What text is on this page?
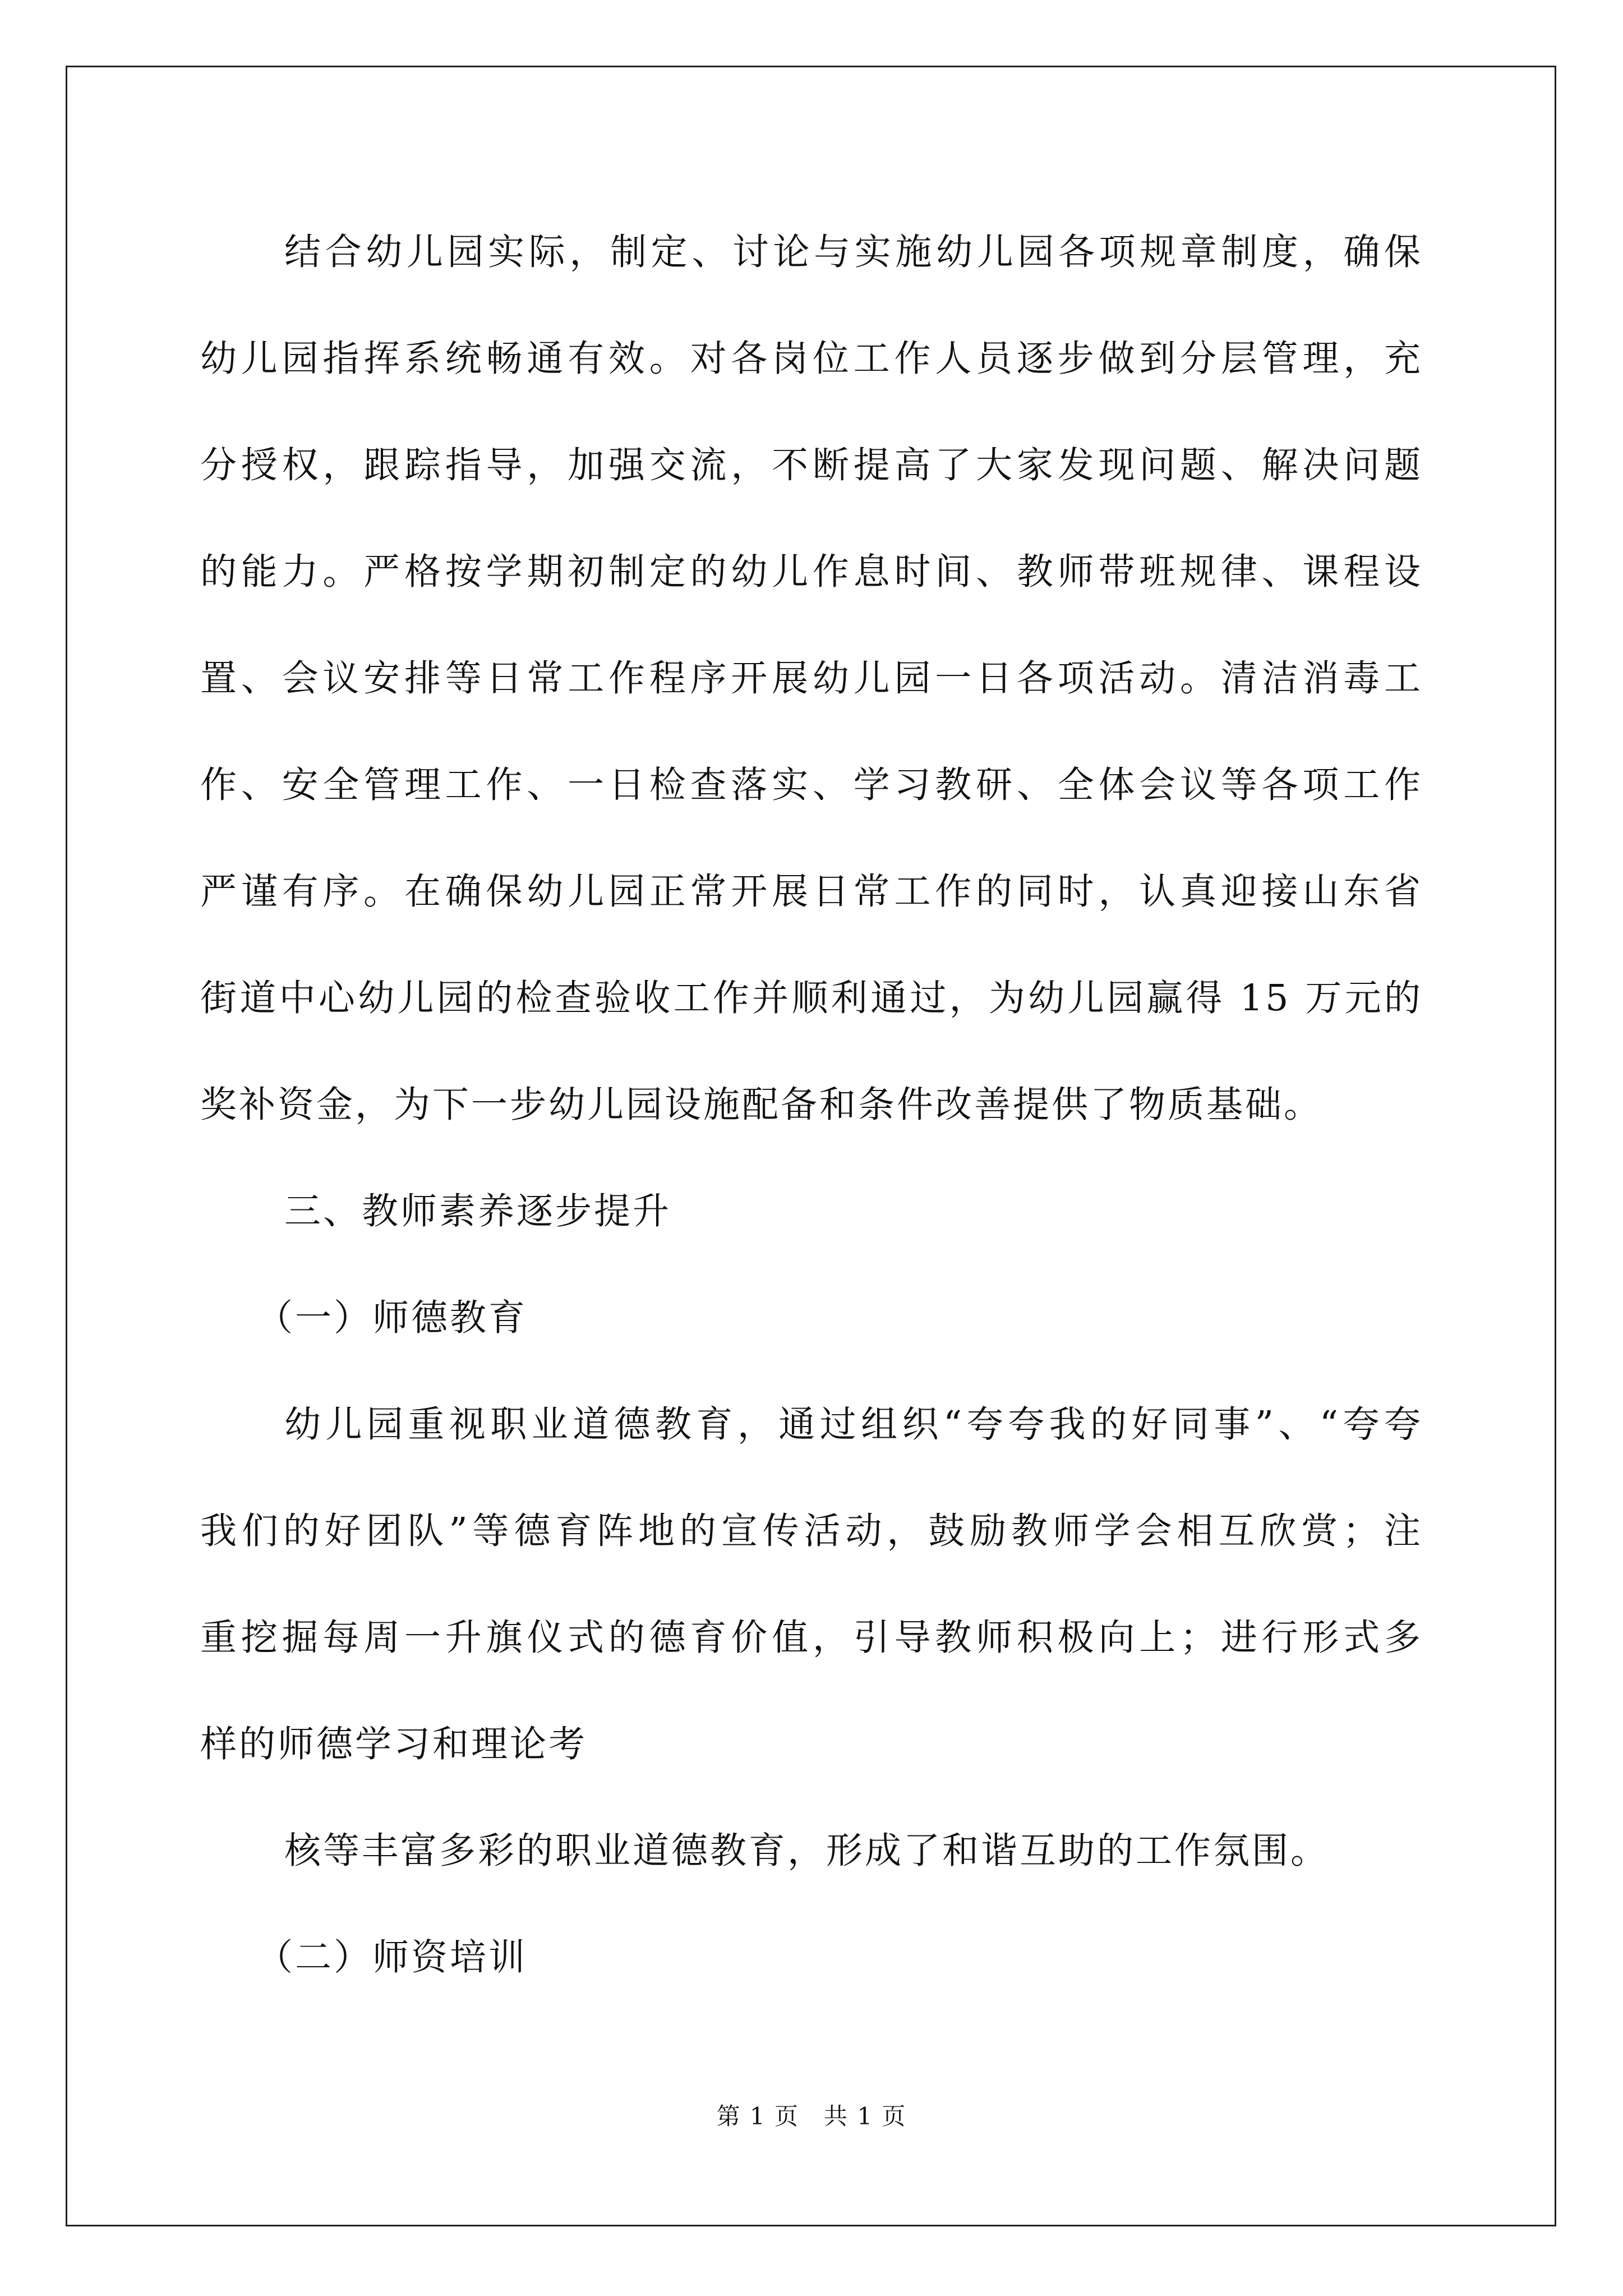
结合幼儿园实际，制定、讨论与实施幼儿园各项规章制度，确保
幼儿园指挥系统畅通有效。对各岗位工作人员逐步做到分层管理，充
分授权，跟踪指导，加强交流，不断提高了大家发现问题、解决问题
的能力。严格按学期初制定的幼儿作息时间、教师带班规律、课程设
置、会议安排等日常工作程序开展幼儿园一日各项活动。清洁消毒工
作、安全管理工作、一日检查落实、学习教研、全体会议等各项工作
严谨有序。在确保幼儿园正常开展日常工作的同时，认真迎接山东省
街道中心幼儿园的检查验收工作并顺利通过，为幼儿园赢得 15 万元的
奖补资金，为下一步幼儿园设施配备和条件改善提供了物质基础。
三、教师素养逐步提升
（一）师德教育
幼儿园重视职业道德教育，通过组织“夸夸我的好同事”、“夸夸
我们的好团队”等德育阵地的宣传活动，鼓励教师学会相互欣赏；注
重挖掘每周一升旗仪式的德育价值，引导教师积极向上；进行形式多
样的师德学习和理论考
核等丰富多彩的职业道德教育，形成了和谐互助的工作氛围。
（二）师资培训
第 1 页　共 1 页
